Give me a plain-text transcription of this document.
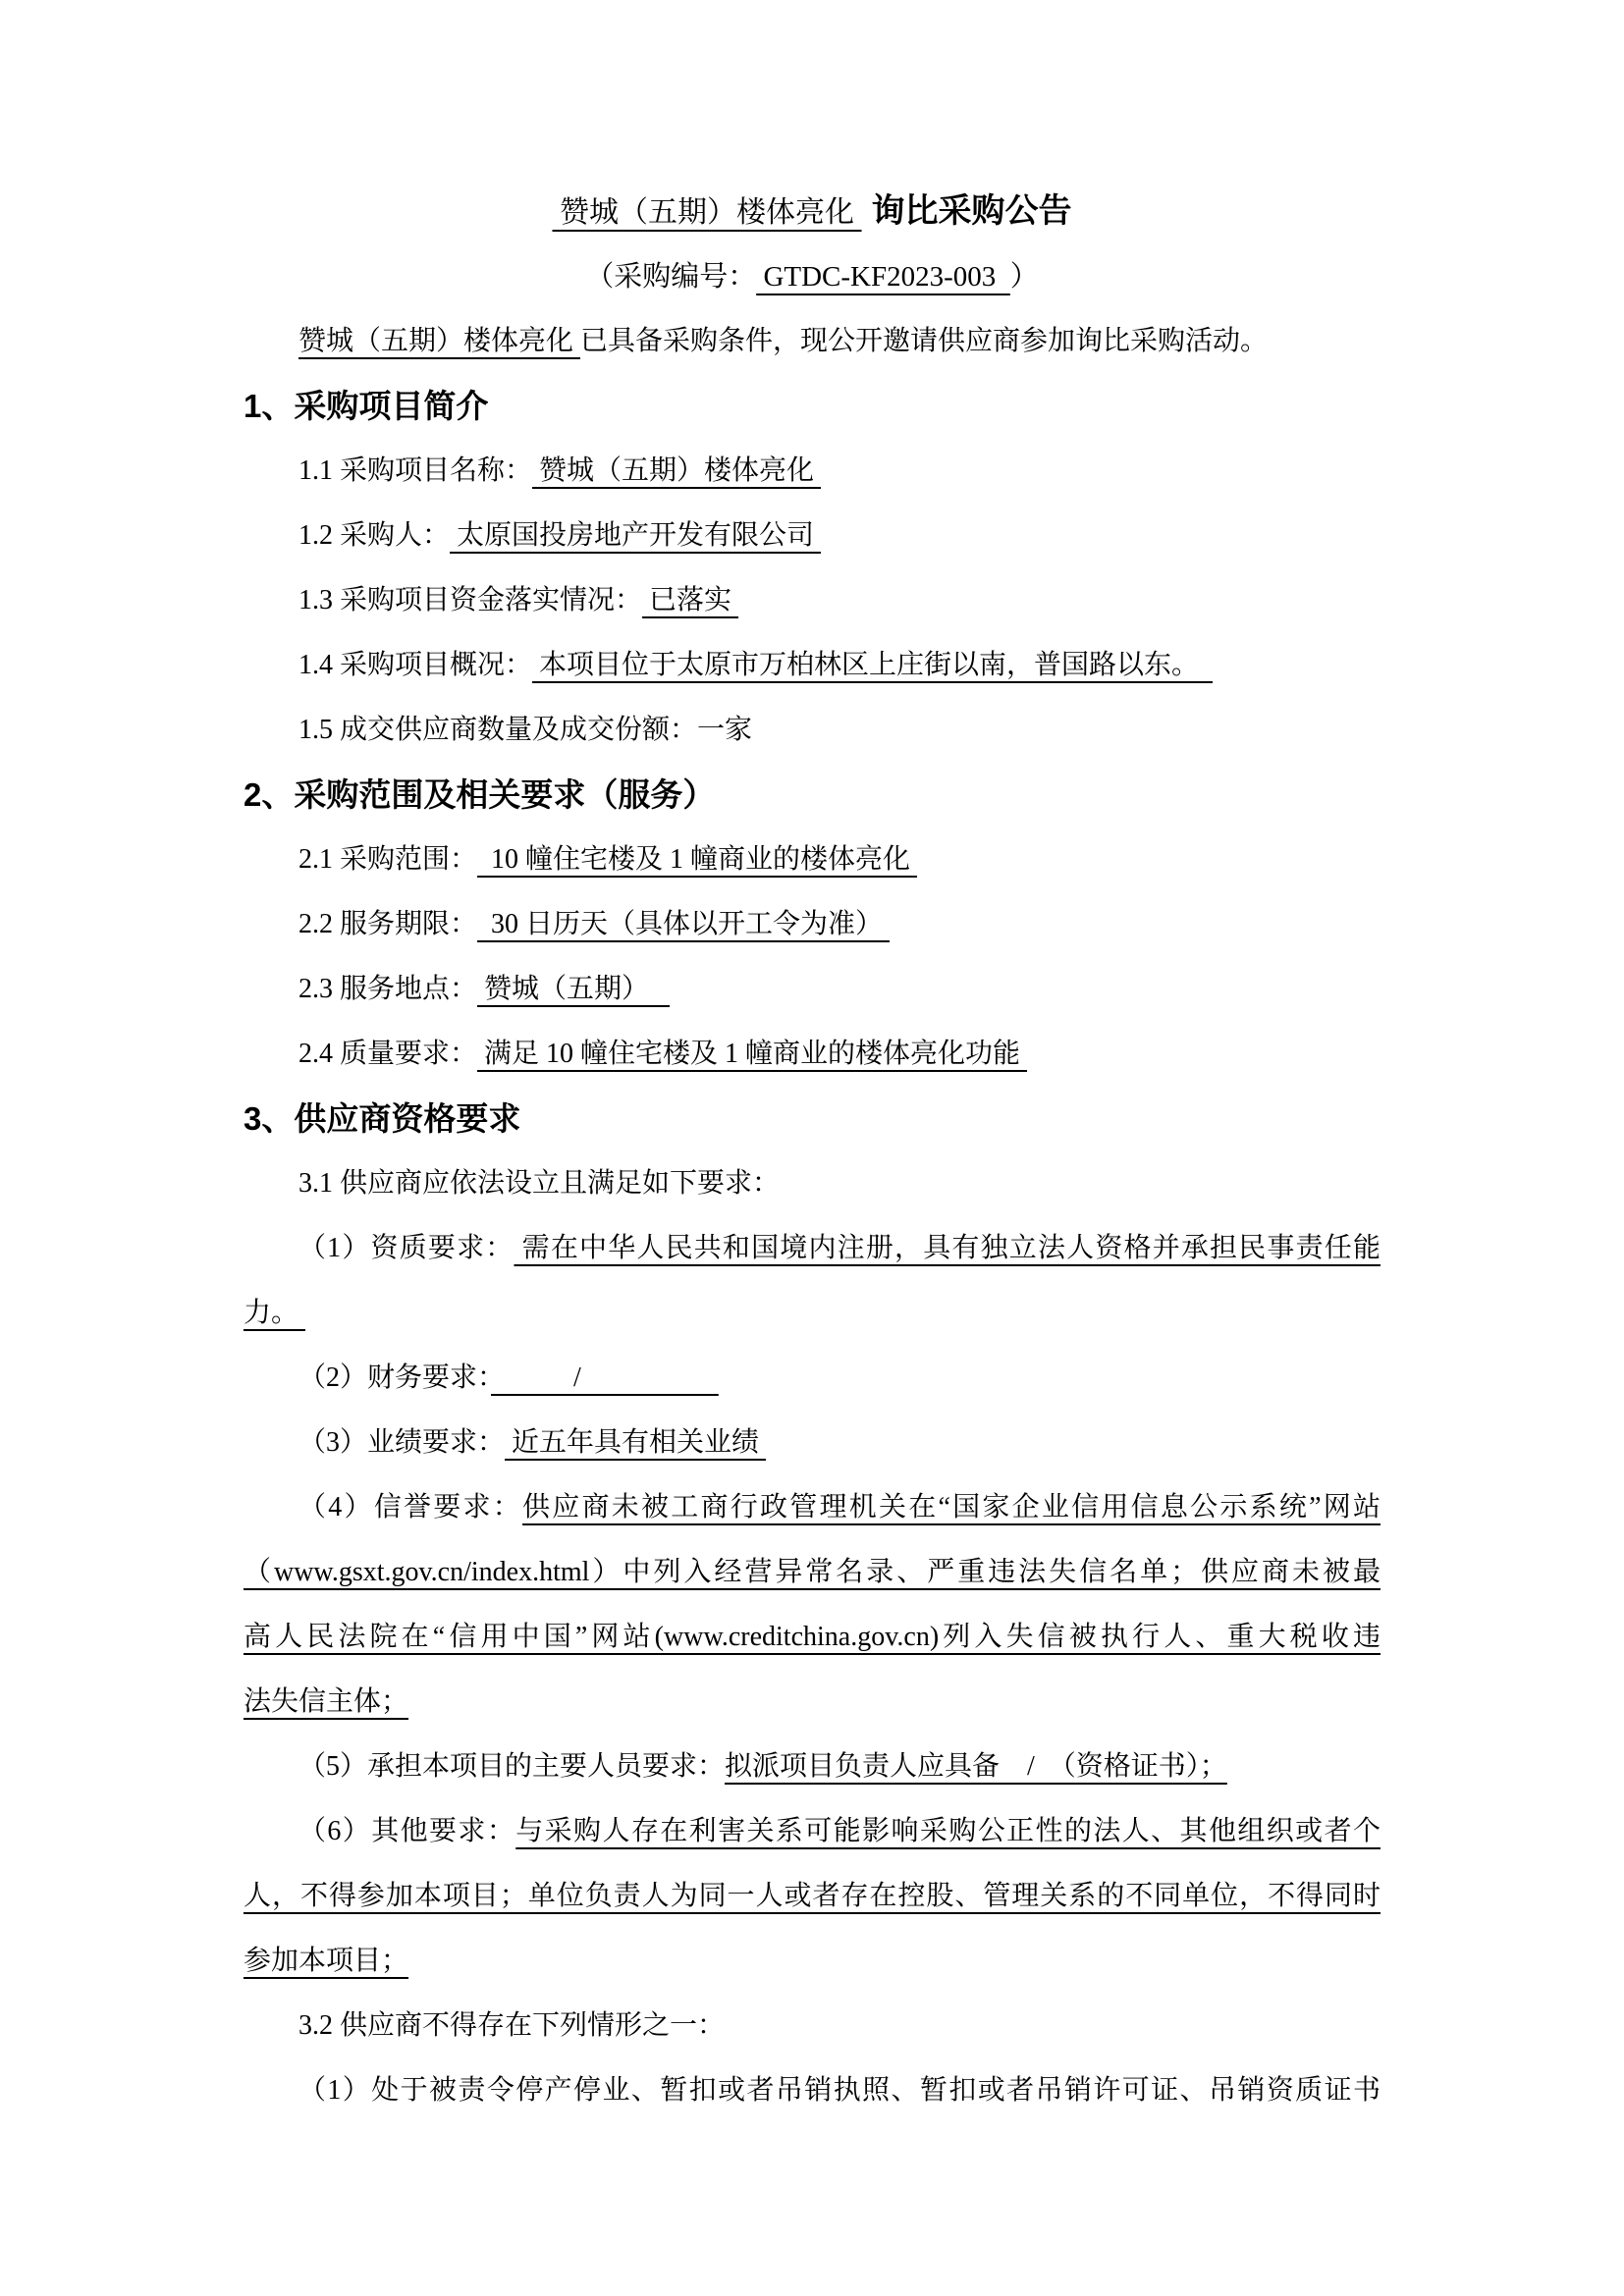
赞城（五期）楼体亮化 询比采购公告
（采购编号： GTDC-KF2023-003  ）
赞城（五期）楼体亮化 已具备采购条件，现公开邀请供应商参加询比采购活动。
1、采购项目简介
1.1 采购项目名称： 赞城（五期）楼体亮化
1.2 采购人： 太原国投房地产开发有限公司
1.3 采购项目资金落实情况： 已落实
1.4 采购项目概况： 本项目位于太原市万柏林区上庄街以南，普国路以东。
1.5 成交供应商数量及成交份额：一家
2、采购范围及相关要求（服务）
2.1 采购范围：  10 幢住宅楼及 1 幢商业的楼体亮化
2.2 服务期限：  30 日历天（具体以开工令为准）
2.3 服务地点： 赞城（五期）
2.4 质量要求： 满足 10 幢住宅楼及 1 幢商业的楼体亮化功能
3、供应商资格要求
3.1 供应商应依法设立且满足如下要求：
（1）资质要求： 需在中华人民共和国境内注册，具有独立法人资格并承担民事责任能
力。
（2）财务要求：　　　/　　　　　
（3）业绩要求： 近五年具有相关业绩
（4）信誉要求：供应商未被工商行政管理机关在“国家企业信用信息公示系统”网站
（www.gsxt.gov.cn/index.html）中列入经营异常名录、严重违法失信名单；供应商未被最
高人民法院在“信用中国”网站(www.creditchina.gov.cn)列入失信被执行人、重大税收违
法失信主体；
（5）承担本项目的主要人员要求：拟派项目负责人应具备　/　（资格证书）；
（6）其他要求：与采购人存在利害关系可能影响采购公正性的法人、其他组织或者个
人，不得参加本项目；单位负责人为同一人或者存在控股、管理关系的不同单位，不得同时
参加本项目；
3.2 供应商不得存在下列情形之一：
（1）处于被责令停产停业、暂扣或者吊销执照、暂扣或者吊销许可证、吊销资质证书
